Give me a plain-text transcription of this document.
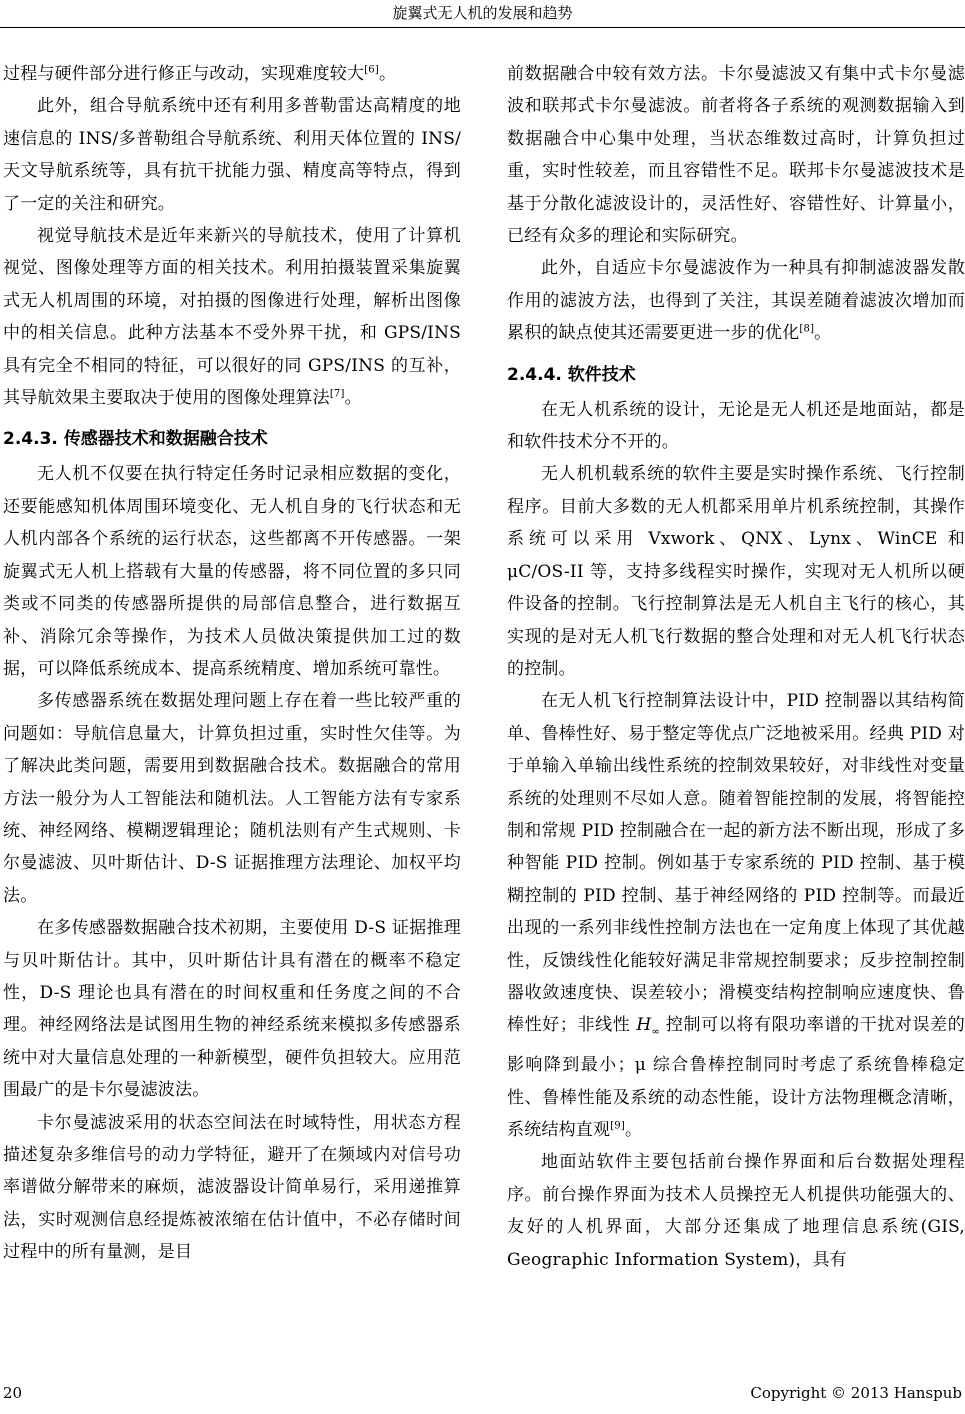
旋翼式无人机的发展和趋势

过程与硬件部分进行修正与改动，实现难度较大[6]。

此外，组合导航系统中还有利用多普勒雷达高精度的地速信息的 INS/多普勒组合导航系统、利用天体位置的 INS/天文导航系统等，具有抗干扰能力强、精度高等特点，得到了一定的关注和研究。

视觉导航技术是近年来新兴的导航技术，使用了计算机视觉、图像处理等方面的相关技术。利用拍摄装置采集旋翼式无人机周围的环境，对拍摄的图像进行处理，解析出图像中的相关信息。此种方法基本不受外界干扰，和 GPS/INS 具有完全不相同的特征，可以很好的同 GPS/INS 的互补，其导航效果主要取决于使用的图像处理算法[7]。

2.4.3. 传感器技术和数据融合技术

无人机不仅要在执行特定任务时记录相应数据的变化，还要能感知机体周围环境变化、无人机自身的飞行状态和无人机内部各个系统的运行状态，这些都离不开传感器。一架旋翼式无人机上搭载有大量的传感器，将不同位置的多只同类或不同类的传感器所提供的局部信息整合，进行数据互补、消除冗余等操作，为技术人员做决策提供加工过的数据，可以降低系统成本、提高系统精度、增加系统可靠性。

多传感器系统在数据处理问题上存在着一些比较严重的问题如：导航信息量大，计算负担过重，实时性欠佳等。为了解决此类问题，需要用到数据融合技术。数据融合的常用方法一般分为人工智能法和随机法。人工智能方法有专家系统、神经网络、模糊逻辑理论；随机法则有产生式规则、卡尔曼滤波、贝叶斯估计、D-S 证据推理方法理论、加权平均法。

在多传感器数据融合技术初期，主要使用 D-S 证据推理与贝叶斯估计。其中，贝叶斯估计具有潜在的概率不稳定性，D-S 理论也具有潜在的时间权重和任务度之间的不合理。神经网络法是试图用生物的神经系统来模拟多传感器系统中对大量信息处理的一种新模型，硬件负担较大。应用范围最广的是卡尔曼滤波法。

卡尔曼滤波采用的状态空间法在时域特性，用状态方程描述复杂多维信号的动力学特征，避开了在频域内对信号功率谱做分解带来的麻烦，滤波器设计简单易行，采用递推算法，实时观测信息经提炼被浓缩在估计值中，不必存储时间过程中的所有量测，是目

前数据融合中较有效方法。卡尔曼滤波又有集中式卡尔曼滤波和联邦式卡尔曼滤波。前者将各子系统的观测数据输入到数据融合中心集中处理，当状态维数过高时，计算负担过重，实时性较差，而且容错性不足。联邦卡尔曼滤波技术是基于分散化滤波设计的，灵活性好、容错性好、计算量小，已经有众多的理论和实际研究。

此外，自适应卡尔曼滤波作为一种具有抑制滤波器发散作用的滤波方法，也得到了关注，其误差随着滤波次增加而累积的缺点使其还需要更进一步的优化[8]。

2.4.4. 软件技术

在无人机系统的设计，无论是无人机还是地面站，都是和软件技术分不开的。

无人机机载系统的软件主要是实时操作系统、飞行控制程序。目前大多数的无人机都采用单片机系统控制，其操作系统可以采用 Vxwork、QNX、Lynx、WinCE 和 μC/OS-II 等，支持多线程实时操作，实现对无人机所以硬件设备的控制。飞行控制算法是无人机自主飞行的核心，其实现的是对无人机飞行数据的整合处理和对无人机飞行状态的控制。

在无人机飞行控制算法设计中，PID 控制器以其结构简单、鲁棒性好、易于整定等优点广泛地被采用。经典 PID 对于单输入单输出线性系统的控制效果较好，对非线性对变量系统的处理则不尽如人意。随着智能控制的发展，将智能控制和常规 PID 控制融合在一起的新方法不断出现，形成了多种智能 PID 控制。例如基于专家系统的 PID 控制、基于模糊控制的 PID 控制、基于神经网络的 PID 控制等。而最近出现的一系列非线性控制方法也在一定角度上体现了其优越性，反馈线性化能较好满足非常规控制要求；反步控制控制器收敛速度快、误差较小；滑模变结构控制响应速度快、鲁棒性好；非线性 $H_\infty$ 控制可以将有限功率谱的干扰对误差的影响降到最小；μ 综合鲁棒控制同时考虑了系统鲁棒稳定性、鲁棒性能及系统的动态性能，设计方法物理概念清晰，系统结构直观[9]。

地面站软件主要包括前台操作界面和后台数据处理程序。前台操作界面为技术人员操控无人机提供功能强大的、友好的人机界面，大部分还集成了地理信息系统(GIS, Geographic Information System)，具有

20	Copyright © 2013 Hanspub
